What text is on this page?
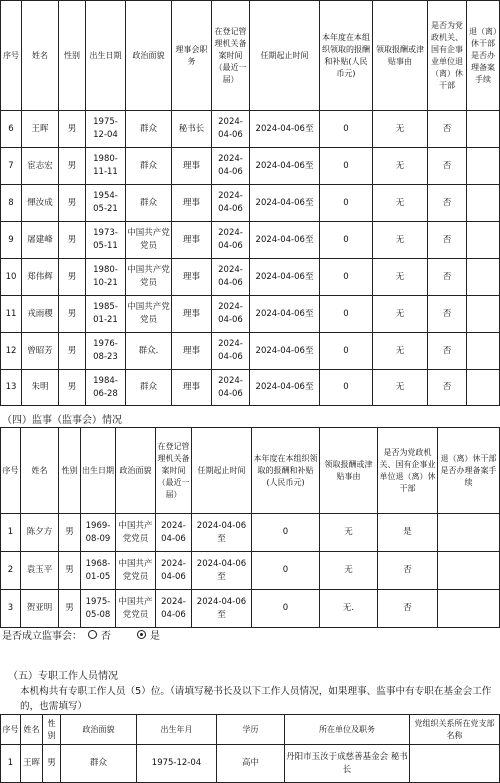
序号	姓名	性别	出生日期	政治面貌	理事会职务	在登记管理机关备案时间（最近一届）	任期起止时间	本年度在本组织领取的报酬和补贴(人民币元)	领取报酬或津贴事由	是否为党政机关、国有企事业单位退（离）休干部	退（离）休干部是否办理备案手续
6	王晖	男	1975-12-04	群众	秘书长	2024-04-06	2024-04-06至	0	无	否	
7	宦志宏	男	1980-11-11	群众	理事	2024-04-06	2024-04-06至	0	无	否	
8	惲汝成	男	1954-05-21	群众	理事	2024-04-06	2024-04-06至	0	无	否	
9	屠建峰	男	1973-05-11	中国共产党党员	理事	2024-04-06	2024-04-06至	0	无	否	
10	郑伟辉	男	1980-10-21	中国共产党党员	理事	2024-04-06	2024-04-06至	0	无	否	
11	戎雨稷	男	1985-01-21	中国共产党党员	理事	2024-04-06	2024-04-06至	0	无	否	
12	曾昭芳	男	1976-08-23	群众.	理事	2024-04-06	2024-04-06至	0	无	否	
13	朱明	男	1984-06-28	群众	理事	2024-04-06	2024-04-06至	0	无	否	
（四）监事（监事会）情况
序号	姓名	性别	出生日期	政治面貌	在登记管理机关备案时间（最近一届）	任期起止时间	本年度在本组织领取的报酬和补贴(人民币元)	领取报酬或津贴事由	是否为党政机关、国有企事业单位退（离）休干部	退（离）休干部是否办理备案手续
1	陈夕方	男	1969-08-09	中国共产党党员	2024-04-06	2024-04-06至	0	无	是	
2	袁玉平	男	1968-01-05	中国共产党党员	2024-04-06	2024-04-06至	0	无	否	
3	贺亚明	男	1975-05-08	中国共产党党员	2024-04-06	2024-04-06至	0	无.	否	
是否成立监事会： 否	是
（五）专职工作人员情况
本机构共有专职工作人员（5）位。（请填写秘书长及以下工作人员情况，如果理事、监事中有专职在基金会工作的，也需填写）
序号	姓名	性别	政治面貌	出生年月	学历	所在单位及职务	党组织关系所在党支部名称
1	王晖	男	群众	1975-12-04	高中	丹阳市玉汝于成慈善基金会 秘书长	
